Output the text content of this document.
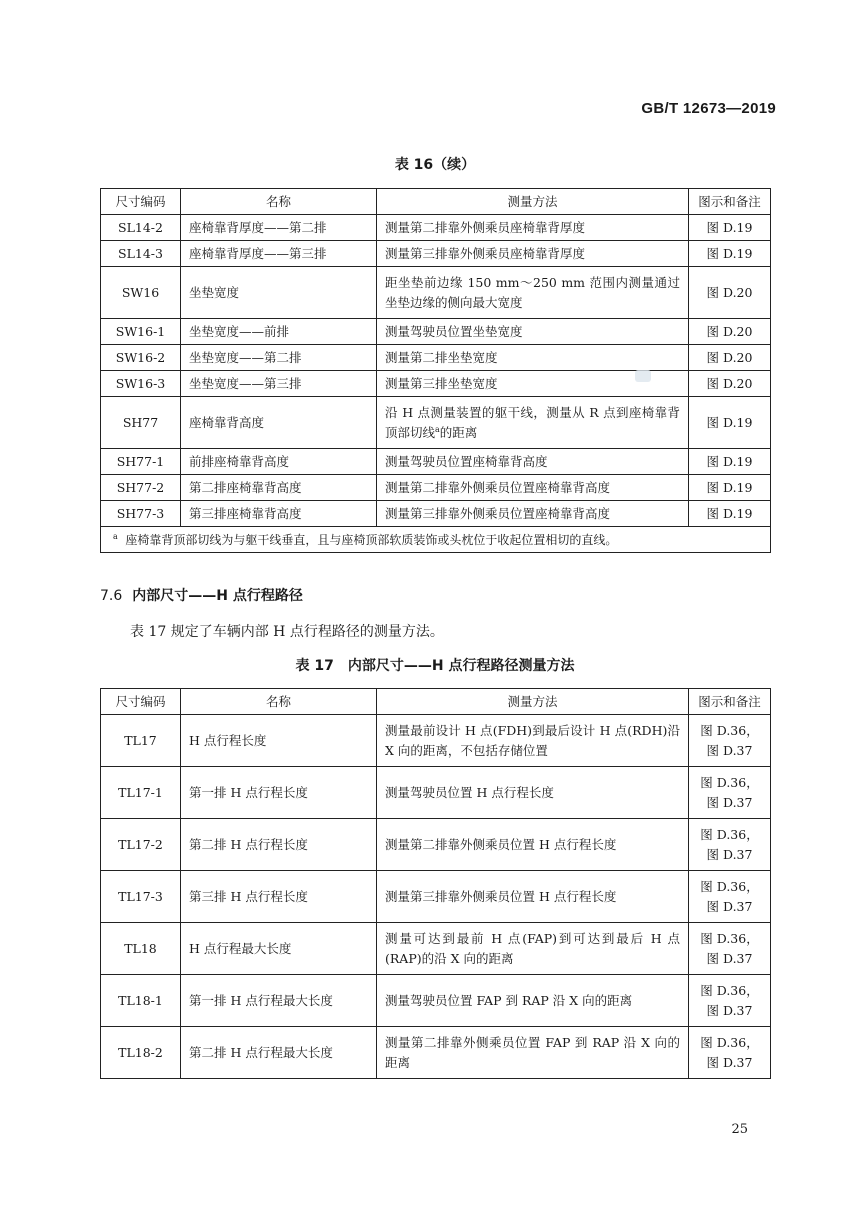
GB/T 12673—2019
表 16（续）
尺寸编码	名称	测量方法	图示和备注
SL14-2	座椅靠背厚度——第二排	测量第二排靠外侧乘员座椅靠背厚度	图 D.19
SL14-3	座椅靠背厚度——第三排	测量第三排靠外侧乘员座椅靠背厚度	图 D.19
SW16	坐垫宽度	距坐垫前边缘 150 mm～250 mm 范围内测量通过坐垫边缘的侧向最大宽度	图 D.20
SW16-1	坐垫宽度——前排	测量驾驶员位置坐垫宽度	图 D.20
SW16-2	坐垫宽度——第二排	测量第二排坐垫宽度	图 D.20
SW16-3	坐垫宽度——第三排	测量第三排坐垫宽度	图 D.20
SH77	座椅靠背高度	沿 H 点测量装置的躯干线，测量从 R 点到座椅靠背顶部切线$^a$的距离	图 D.19
SH77-1	前排座椅靠背高度	测量驾驶员位置座椅靠背高度	图 D.19
SH77-2	第二排座椅靠背高度	测量第二排靠外侧乘员位置座椅靠背高度	图 D.19
SH77-3	第三排座椅靠背高度	测量第三排靠外侧乘员位置座椅靠背高度	图 D.19
$^a$ 座椅靠背顶部切线为与躯干线垂直，且与座椅顶部软质装饰或头枕位于收起位置相切的直线。			
7.6 内部尺寸——H 点行程路径
表 17 规定了车辆内部 H 点行程路径的测量方法。
表 17　内部尺寸——H 点行程路径测量方法
尺寸编码	名称	测量方法	图示和备注
TL17	H 点行程长度	测量最前设计 H 点(FDH)到最后设计 H 点(RDH)沿 X 向的距离，不包括存储位置	图 D.36，
图 D.37

TL17-1	第一排 H 点行程长度	测量驾驶员位置 H 点行程长度	图 D.36，
图 D.37

TL17-2	第二排 H 点行程长度	测量第二排靠外侧乘员位置 H 点行程长度	图 D.36，
图 D.37

TL17-3	第三排 H 点行程长度	测量第三排靠外侧乘员位置 H 点行程长度	图 D.36，
图 D.37

TL18	H 点行程最大长度	测量可达到最前 H 点(FAP)到可达到最后 H 点(RAP)的沿 X 向的距离	图 D.36，
图 D.37

TL18-1	第一排 H 点行程最大长度	测量驾驶员位置 FAP 到 RAP 沿 X 向的距离	图 D.36，
图 D.37

TL18-2	第二排 H 点行程最大长度	测量第二排靠外侧乘员位置 FAP 到 RAP 沿 X 向的距离	图 D.36，
图 D.37
25
